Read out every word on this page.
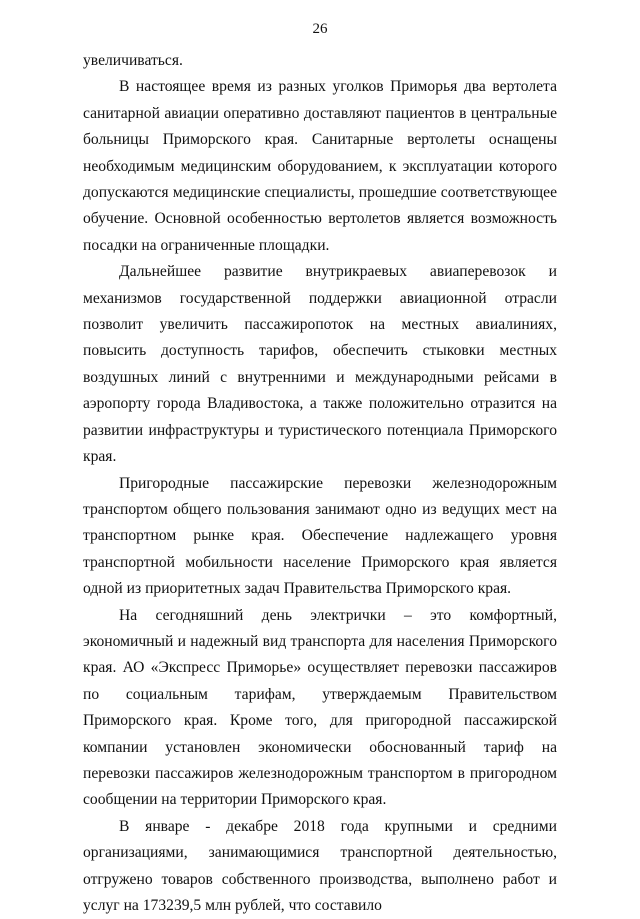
26

увеличиваться.

В настоящее время из разных уголков Приморья два вертолета санитарной авиации оперативно доставляют пациентов в центральные больницы Приморского края. Санитарные вертолеты оснащены необходимым медицинским оборудованием, к эксплуатации которого допускаются медицинские специалисты, прошедшие соответствующее обучение. Основной особенностью вертолетов является возможность посадки на ограниченные площадки.

Дальнейшее развитие внутрикраевых авиаперевозок и механизмов государственной поддержки авиационной отрасли позволит увеличить пассажиропоток на местных авиалиниях, повысить доступность тарифов, обеспечить стыковки местных воздушных линий с внутренними и международными рейсами в аэропорту города Владивостока, а также положительно отразится на развитии инфраструктуры и туристического потенциала Приморского края.

Пригородные пассажирские перевозки железнодорожным транспортом общего пользования занимают одно из ведущих мест на транспортном рынке края. Обеспечение надлежащего уровня транспортной мобильности население Приморского края является одной из приоритетных задач Правительства Приморского края.

На сегодняшний день электрички – это комфортный, экономичный и надежный вид транспорта для населения Приморского края. АО «Экспресс Приморье» осуществляет перевозки пассажиров по социальным тарифам, утверждаемым Правительством Приморского края. Кроме того, для пригородной пассажирской компании установлен экономически обоснованный тариф на перевозки пассажиров железнодорожным транспортом в пригородном сообщении на территории Приморского края.

В январе - декабре 2018 года крупными и средними организациями, занимающимися транспортной деятельностью, отгружено товаров собственного производства, выполнено работ и услуг на 173239,5 млн рублей, что составило
